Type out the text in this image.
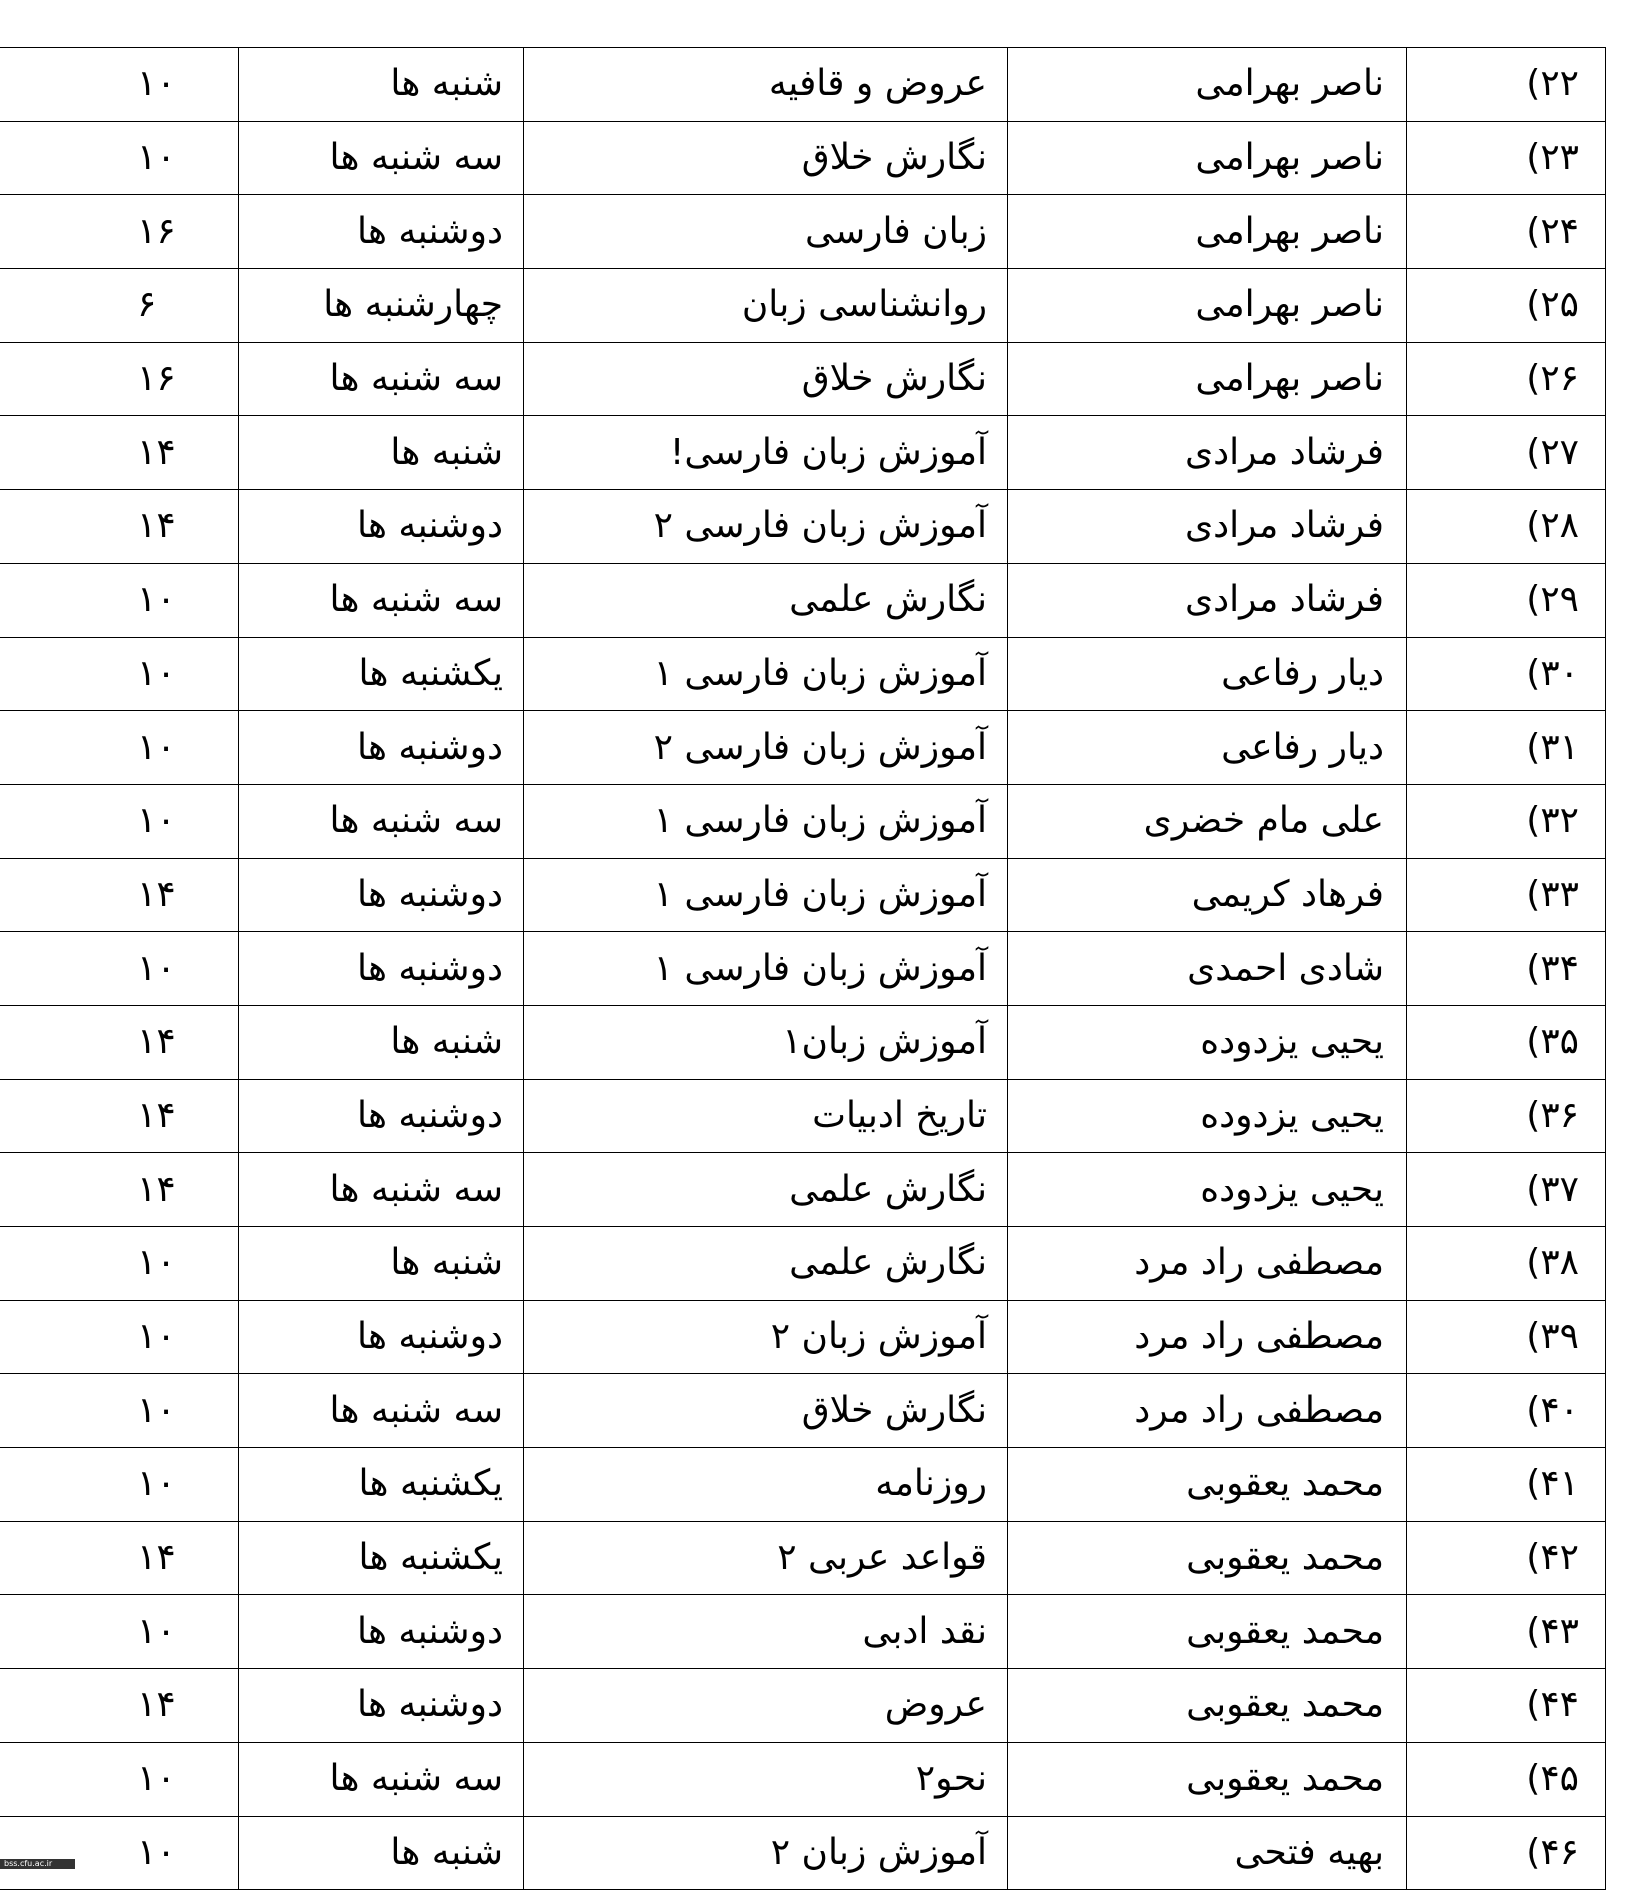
۲۲)	ناصر بهرامی	عروض و قافیه	شنبه ها	۱۰
۲۳)	ناصر بهرامی	نگارش خلاق	سه شنبه ها	۱۰
۲۴)	ناصر بهرامی	زبان فارسی	دوشنبه ها	۱۶
۲۵)	ناصر بهرامی	روانشناسی زبان	چهارشنبه ها	۶
۲۶)	ناصر بهرامی	نگارش خلاق	سه شنبه ها	۱۶
۲۷)	فرشاد مرادی	آموزش زبان فارسی!	شنبه ها	۱۴
۲۸)	فرشاد مرادی	آموزش زبان فارسی ۲	دوشنبه ها	۱۴
۲۹)	فرشاد مرادی	نگارش علمی	سه شنبه ها	۱۰
۳۰)	دیار رفاعی	آموزش زبان فارسی ۱	یکشنبه ها	۱۰
۳۱)	دیار رفاعی	آموزش زبان فارسی ۲	دوشنبه ها	۱۰
۳۲)	علی مام خضری	آموزش زبان فارسی ۱	سه شنبه ها	۱۰
۳۳)	فرهاد کریمی	آموزش زبان فارسی ۱	دوشنبه ها	۱۴
۳۴)	شادی احمدی	آموزش زبان فارسی ۱	دوشنبه ها	۱۰
۳۵)	یحیی یزدوده	آموزش زبان۱	شنبه ها	۱۴
۳۶)	یحیی یزدوده	تاریخ ادبیات	دوشنبه ها	۱۴
۳۷)	یحیی یزدوده	نگارش علمی	سه شنبه ها	۱۴
۳۸)	مصطفی راد مرد	نگارش علمی	شنبه ها	۱۰
۳۹)	مصطفی راد مرد	آموزش زبان ۲	دوشنبه ها	۱۰
۴۰)	مصطفی راد مرد	نگارش خلاق	سه شنبه ها	۱۰
۴۱)	محمد یعقوبی	روزنامه	یکشنبه ها	۱۰
۴۲)	محمد یعقوبی	قواعد عربی ۲	یکشنبه ها	۱۴
۴۳)	محمد یعقوبی	نقد ادبی	دوشنبه ها	۱۰
۴۴)	محمد یعقوبی	عروض	دوشنبه ها	۱۴
۴۵)	محمد یعقوبی	نحو۲	سه شنبه ها	۱۰
۴۶)	بهیه فتحی	آموزش زبان ۲	شنبه ها	۱۰
bss.cfu.ac.ir
